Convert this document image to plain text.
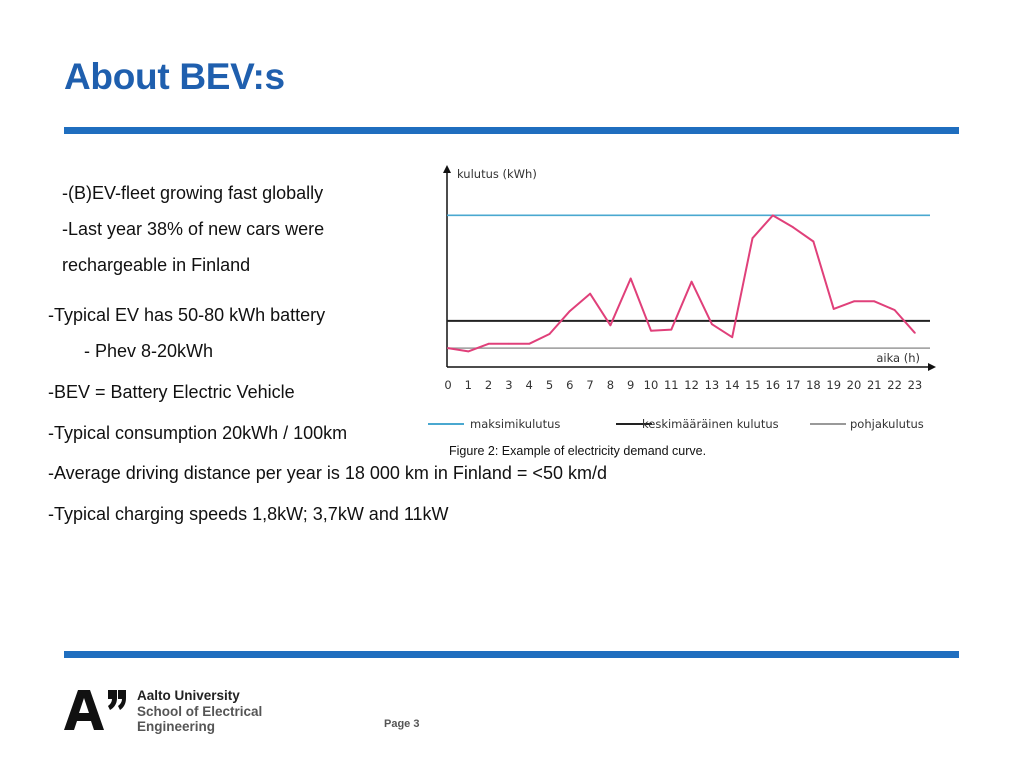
About BEV:s
-(B)EV-fleet growing fast globally
-Last year 38% of new cars were
rechargeable in Finland
-Typical EV has 50-80 kWh battery
- Phev 8-20kWh
-BEV = Battery Electric Vehicle
-Typical consumption 20kWh / 100km
-Average driving distance per year is 18 000 km in Finland = <50 km/d
-Typical charging speeds 1,8kW; 3,7kW and 11kW
kulutus (kWh)
aika (h)
0 1 2 3 4 5 6 7 8 9 10 11 12 13 14 15 16 17 18 19 20 21 22 23
maksimikulutus	keskimääräinen kulutus	pohjakulutus
Figure 2: Example of electricity demand curve.
Aalto University
School of Electrical
Engineering	Page 3
